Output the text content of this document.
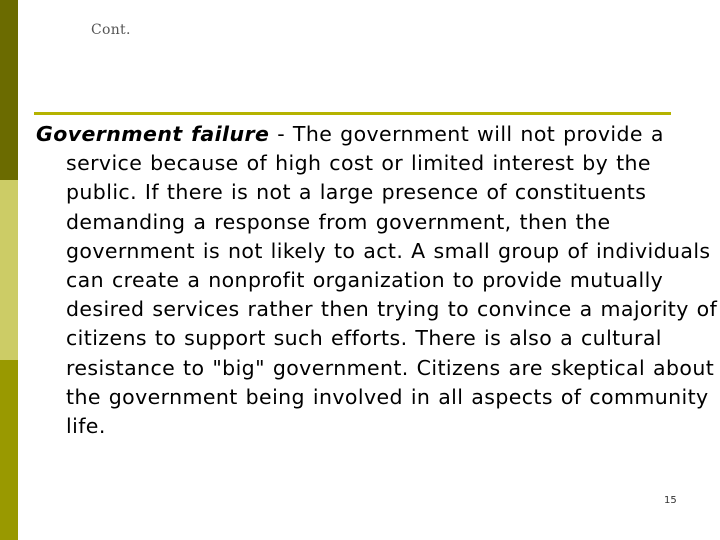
Cont.

Government failure - The government will not provide a service because of high cost or limited interest by the public. If there is not a large presence of constituents demanding a response from government, then the government is not likely to act. A small group of individuals can create a nonprofit organization to provide mutually desired services rather then trying to convince a majority of citizens to support such efforts. There is also a cultural resistance to "big" government. Citizens are skeptical about the government being involved in all aspects of community life.

15
